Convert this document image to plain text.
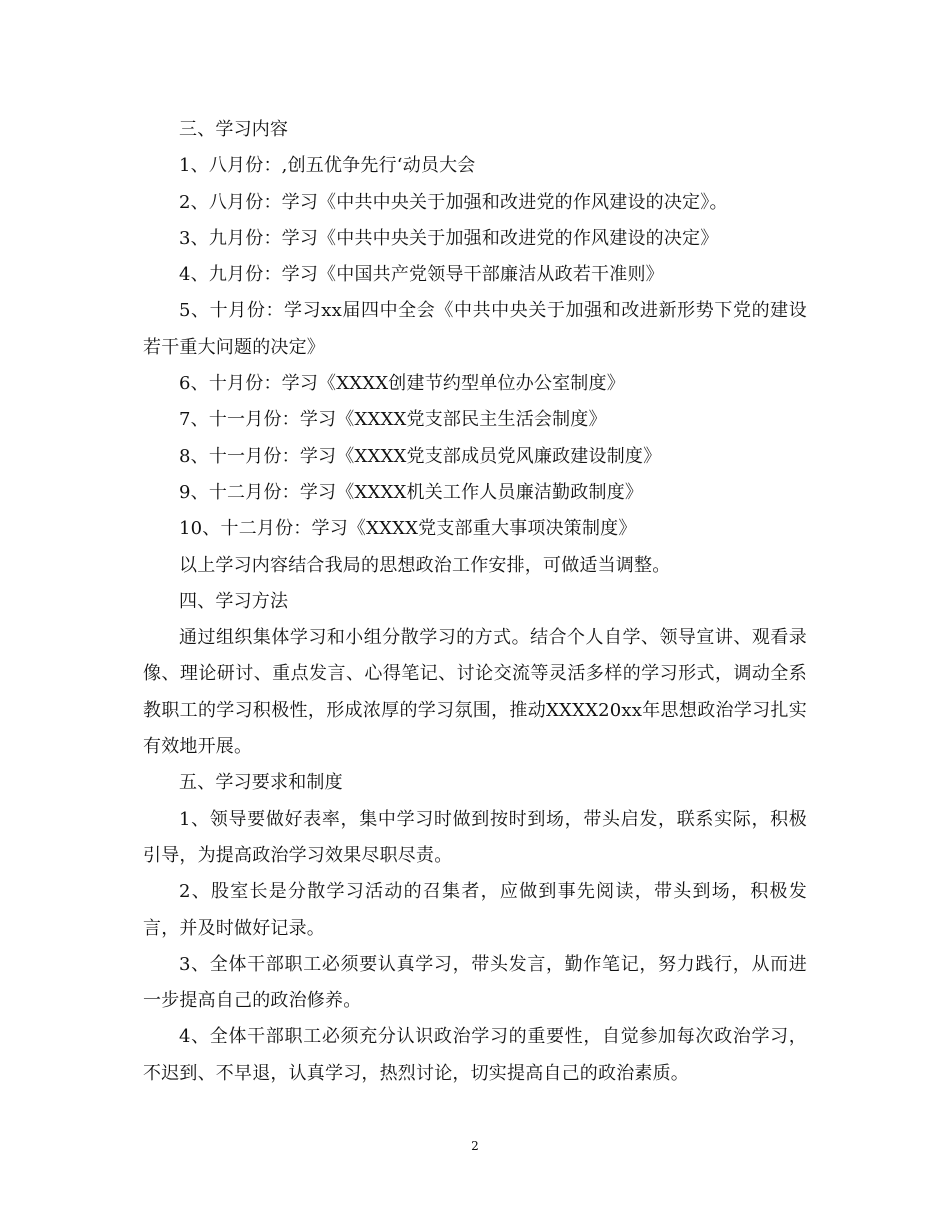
三、学习内容

1、八月份：,创五优争先行‘动员大会

2、八月份：学习《中共中央关于加强和改进党的作风建设的决定》。

3、九月份：学习《中共中央关于加强和改进党的作风建设的决定》

4、九月份：学习《中国共产党领导干部廉洁从政若干准则》

5、十月份：学习xx届四中全会《中共中央关于加强和改进新形势下党的建设若干重大问题的决定》

6、十月份：学习《XXXX创建节约型单位办公室制度》

7、十一月份：学习《XXXX党支部民主生活会制度》

8、十一月份：学习《XXXX党支部成员党风廉政建设制度》

9、十二月份：学习《XXXX机关工作人员廉洁勤政制度》

10、十二月份：学习《XXXX党支部重大事项决策制度》

以上学习内容结合我局的思想政治工作安排，可做适当调整。

四、学习方法

通过组织集体学习和小组分散学习的方式。结合个人自学、领导宣讲、观看录像、理论研讨、重点发言、心得笔记、讨论交流等灵活多样的学习形式，调动全系教职工的学习积极性，形成浓厚的学习氛围，推动XXXX20xx年思想政治学习扎实有效地开展。

五、学习要求和制度

1、领导要做好表率，集中学习时做到按时到场，带头启发，联系实际，积极引导，为提高政治学习效果尽职尽责。

2、股室长是分散学习活动的召集者，应做到事先阅读，带头到场，积极发言，并及时做好记录。

3、全体干部职工必须要认真学习，带头发言，勤作笔记，努力践行，从而进一步提高自己的政治修养。

4、全体干部职工必须充分认识政治学习的重要性，自觉参加每次政治学习，不迟到、不早退，认真学习，热烈讨论，切实提高自己的政治素质。

2
